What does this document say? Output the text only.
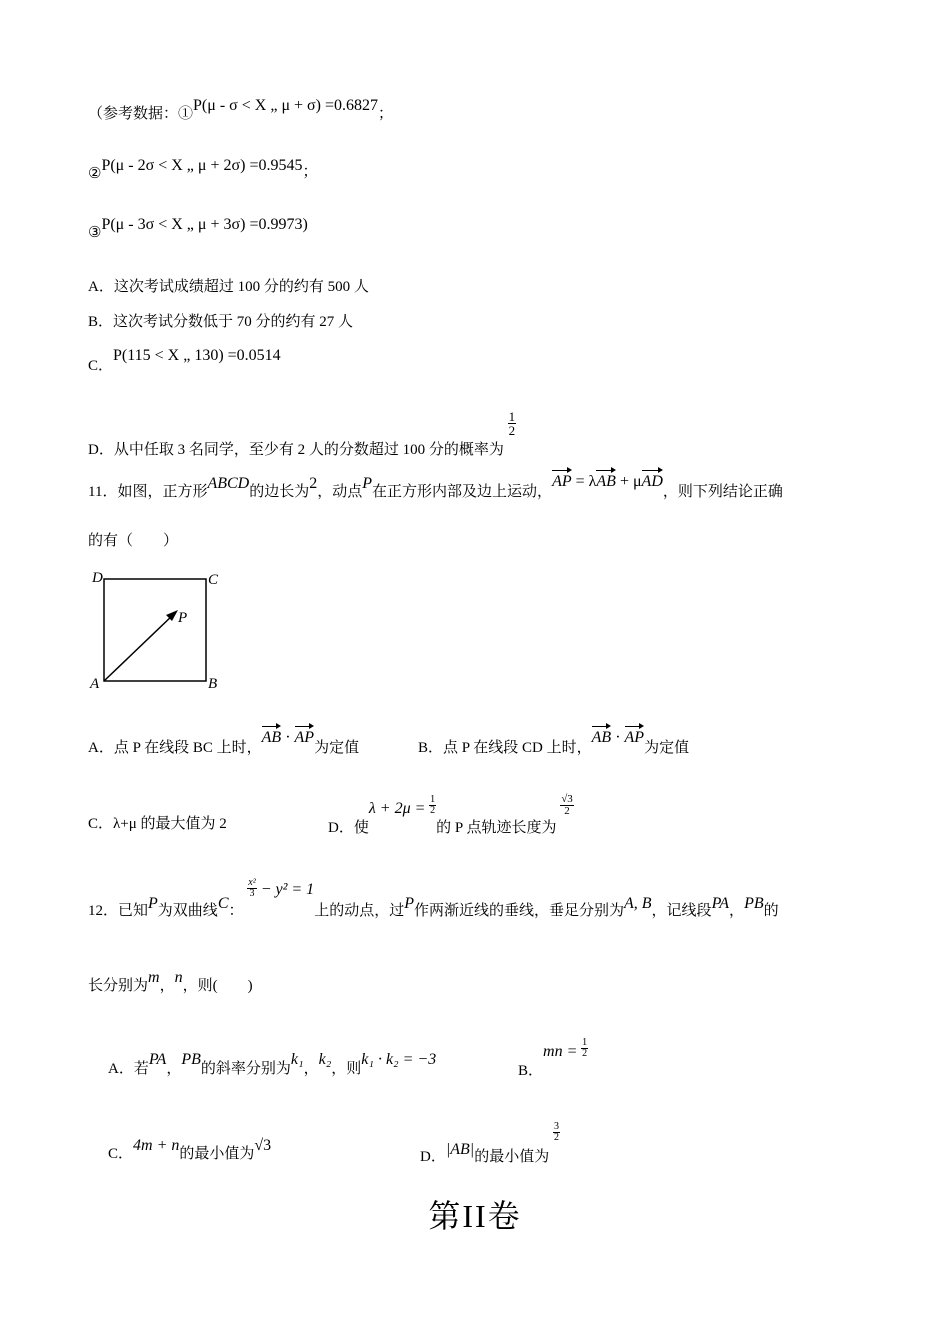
（参考数据：①P(μ - σ < X „ μ + σ) =0.6827；
②P(μ - 2σ < X „ μ + 2σ) =0.9545；
③P(μ - 3σ < X „ μ + 3σ) =0.9973)
A．这次考试成绩超过 100 分的约有 500 人
B．这次考试分数低于 70 分的约有 27 人
C．P(115 < X „ 130) =0.0514
D．从中任取 3 名同学，至少有 2 人的分数超过 100 分的概率为
$\frac{1}{2}$
11．如图，正方形ABCD的边长为2，动点P在正方形内部及边上运动，AP = λAB + μAD，则下列结论正确
的有（　　）
D	C
A	B
P
A．点 P 在线段 BC 上时，AB · AP为定值	B．点 P 在线段 CD 上时，AB · AP为定值
C．λ+μ 的最大值为 2	D．使$\lambda + 2\mu = \frac{1}{2}$
的 P 点轨迹长度为
$\frac{√3}{2}$
12．已知P为双曲线C：
$\frac{\text{x²}}{3} - y^2 = 1$上的动点，过P作两渐近线的垂线，垂足分别为A, B，记线段PA，PB的
长分别为m，n，则(　　)
A．若PA，PB的斜率分别为k₁，k₂，则k₁ · k₂ = −3
B．mn = $\frac{1}{2}$
C．4m + n的最小值为√3
D．|AB|的最小值为
$\frac{3}{2}$
第II卷
